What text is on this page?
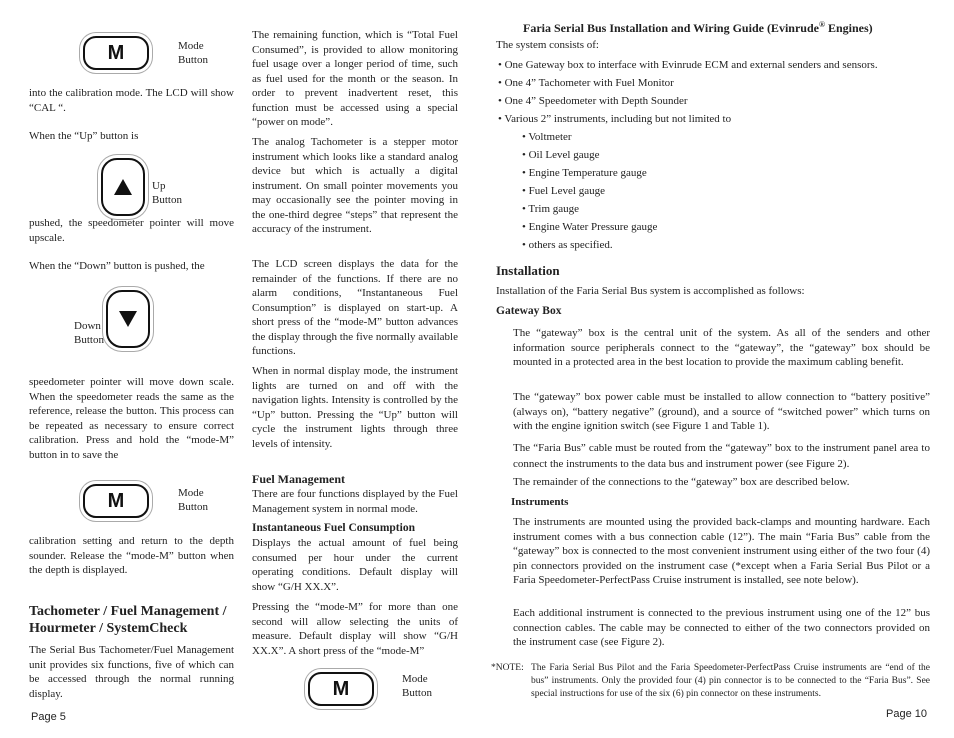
M	Mode
Button

into the calibration mode. The LCD will show “CAL “.

When the “Up” button is

Up
Button

pushed, the speedometer pointer will move upscale.

When the “Down” button is pushed, the

Down
Button

speedometer pointer will move down scale. When the speedometer reads the same as the reference, release the button. This process can be repeated as necessary to ensure correct calibration. Press and hold the “mode-M” button in to save the

M	Mode
Button

calibration setting and return to the depth sounder. Release the “mode-M” button when the depth is displayed.

Tachometer / Fuel Management / Hourmeter / SystemCheck

The Serial Bus Tachometer/Fuel Management unit provides six functions, five of which can be accessed through the normal running display.

Page 5

The remaining function, which is “Total Fuel Consumed”, is provided to allow monitoring fuel usage over a longer period of time, such as fuel used for the month or the season. In order to prevent inadvertent reset, this function must be accessed using a special “power on mode”.

The analog Tachometer is a stepper motor instrument which looks like a standard analog device but which is actually a digital instrument. On small pointer movements you may occasionally see the pointer moving in the one-third degree “steps” that represent the accuracy of the instrument.

The LCD screen displays the data for the remainder of the functions. If there are no alarm conditions, “Instantaneous Fuel Consumption” is displayed on start-up. A short press of the “mode-M” button advances the display through the five normally available functions.

When in normal display mode, the instrument lights are turned on and off with the navigation lights. Intensity is controlled by the “Up” button. Pressing the “Up” button will cycle the instrument lights through three levels of intensity.

Fuel Management

There are four functions displayed by the Fuel Management system in normal mode.

Instantaneous Fuel Consumption

Displays the actual amount of fuel being consumed per hour under the current operating conditions. Default display will show “G/H XX.X”.

Pressing the “mode-M” for more than one second will allow selecting the units of measure. Default display will show “G/H XX.X”. A short press of the “mode-M”

M	Mode
Button
Faria Serial Bus Installation and Wiring Guide (Evinrude® Engines)
The system consists of:
• One Gateway box to interface with Evinrude ECM and external senders and sensors.
• One 4” Tachometer with Fuel Monitor
• One 4” Speedometer with Depth Sounder
• Various 2” instruments, including but not limited to
• Voltmeter
• Oil Level gauge
• Engine Temperature gauge
• Fuel Level gauge
• Trim gauge
• Engine Water Pressure gauge
• others as specified.
Installation
Installation of the Faria Serial Bus system is accomplished as follows:
Gateway Box

The “gateway” box is the central unit of the system. As all of the senders and other information source peripherals connect to the “gateway”, the “gateway” box should be mounted in a protected area in the best location to provide the maximum cabling benefit.

The “gateway” box power cable must be installed to allow connection to “battery positive” (always on), “battery negative” (ground), and a source of “switched power” which turns on with the engine ignition switch (see Figure 1 and Table 1).

The “Faria Bus” cable must be routed from the “gateway” box to the instrument panel area to connect the instruments to the data bus and instrument power (see Figure 2).

The remainder of the connections to the “gateway” box are described below.

Instruments

The instruments are mounted using the provided back-clamps and mounting hardware. Each instrument comes with a bus connection cable (12”). The main “Faria Bus” cable from the “gateway” box is connected to the most convenient instrument using either of the two four (4) pin connectors provided on the instrument case (*except when a Faria Serial Bus Pilot or a Faria Speedometer-PerfectPass Cruise instrument is installed, see note below).

Each additional instrument is connected to the previous instrument using one of the 12” bus connection cables. The cable may be connected to either of the two connectors provided on the instrument case (see Figure 2).

*NOTE: The Faria Serial Bus Pilot and the Faria Speedometer-PerfectPass Cruise instruments are “end of the bus” instruments. Only the provided four (4) pin connector is to be connected to the “Faria Bus”. See special instructions for use of the six (6) pin connector on these instruments.

Page 10
